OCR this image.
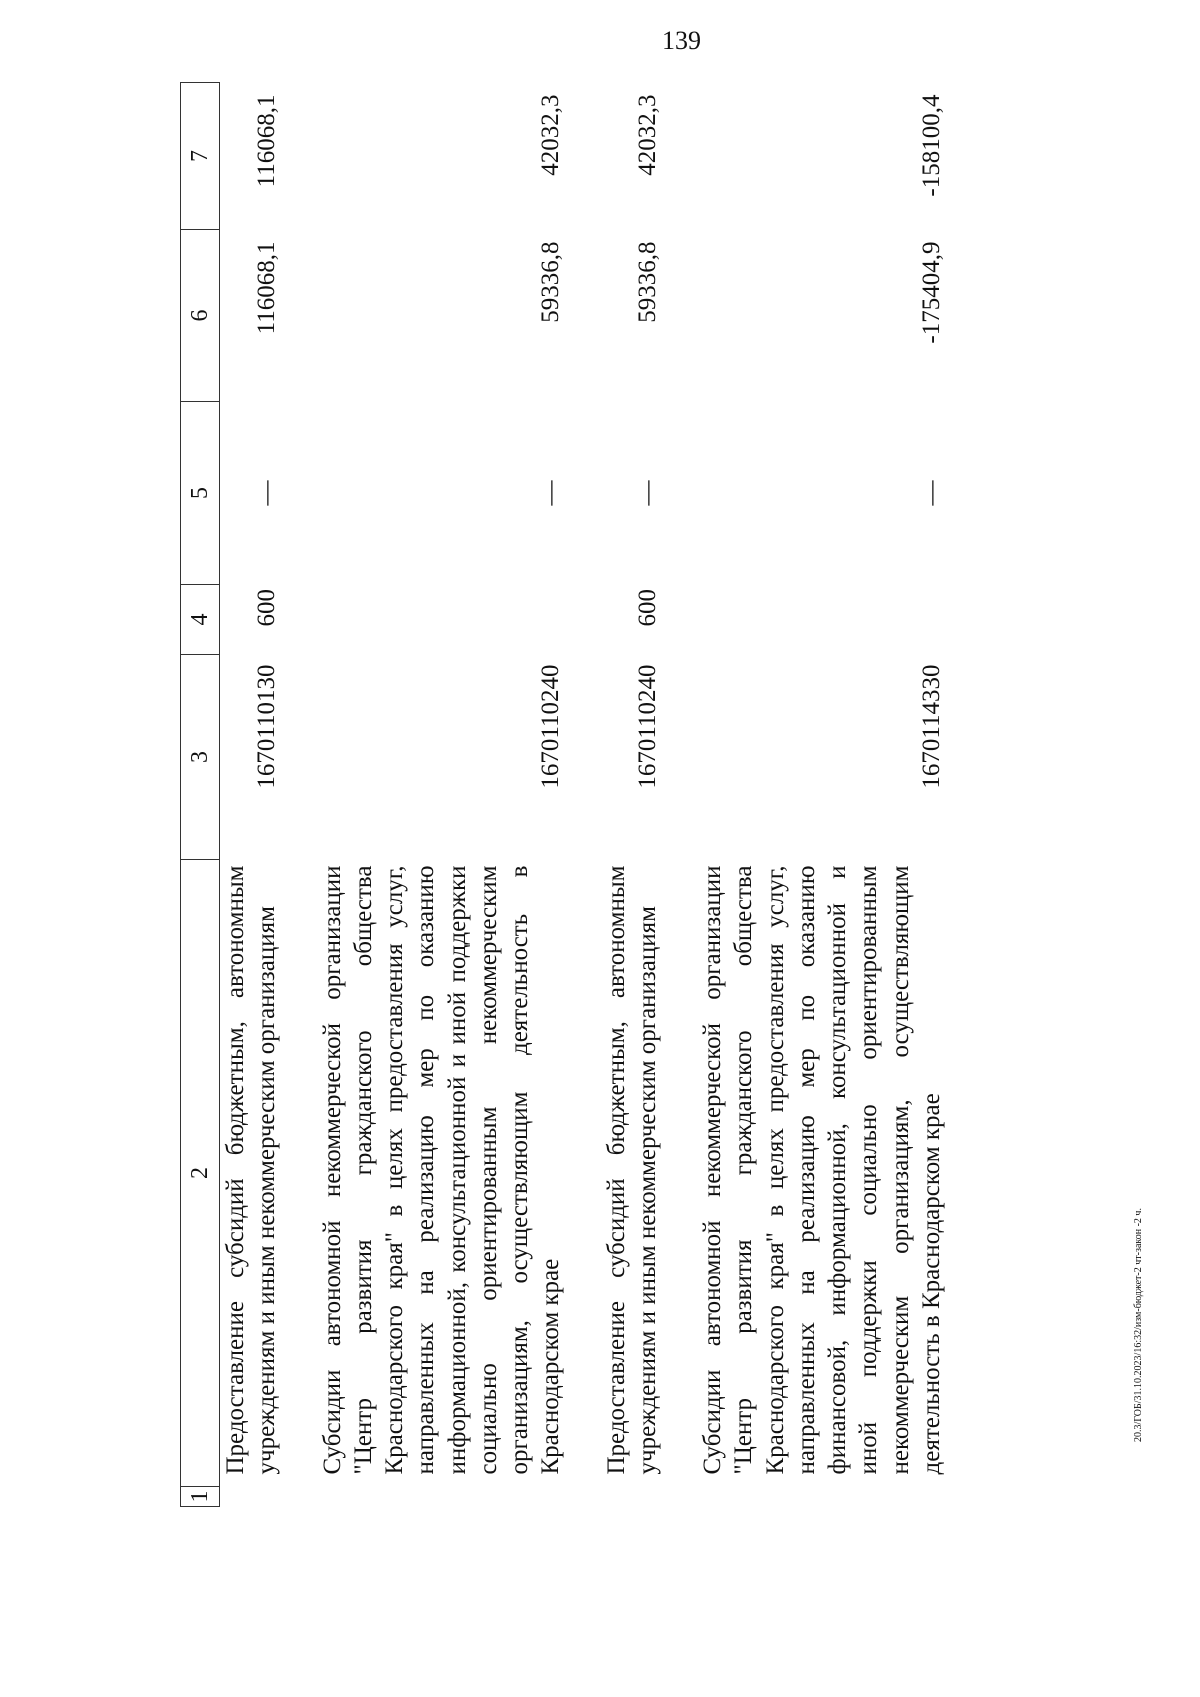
139
20.3/ГОБ/31.10.2023/16:32/изм-бюджет-2 чт-закон -2 ч.
1	2	3	4	5	6	7
	Предоставление субсидий бюджетным, автономным учреждениям и иным некоммерческим организациям	1670110130	600	—	116068,1	116068,1

	Субсидии автономной некоммерческой организации "Центр развития гражданского общества Краснодарского края" в целях предоставления услуг, направленных на реализацию мер по оказанию информационной, консультационной и иной поддержки социально ориентированным некоммерческим организациям, осуществляющим деятельность в Краснодарском крае	1670110240		—	59336,8	42032,3

	Предоставление субсидий бюджетным, автономным учреждениям и иным некоммерческим организациям	1670110240	600	—	59336,8	42032,3

	Субсидии автономной некоммерческой организации "Центр развития гражданского общества Краснодарского края" в целях предоставления услуг, направленных на реализацию мер по оказанию финансовой, информационной, консультационной и иной поддержки социально ориентированным некоммерческим организациям, осуществляющим деятельность в Краснодарском крае	1670114330		—	-175404,9	-158100,4
